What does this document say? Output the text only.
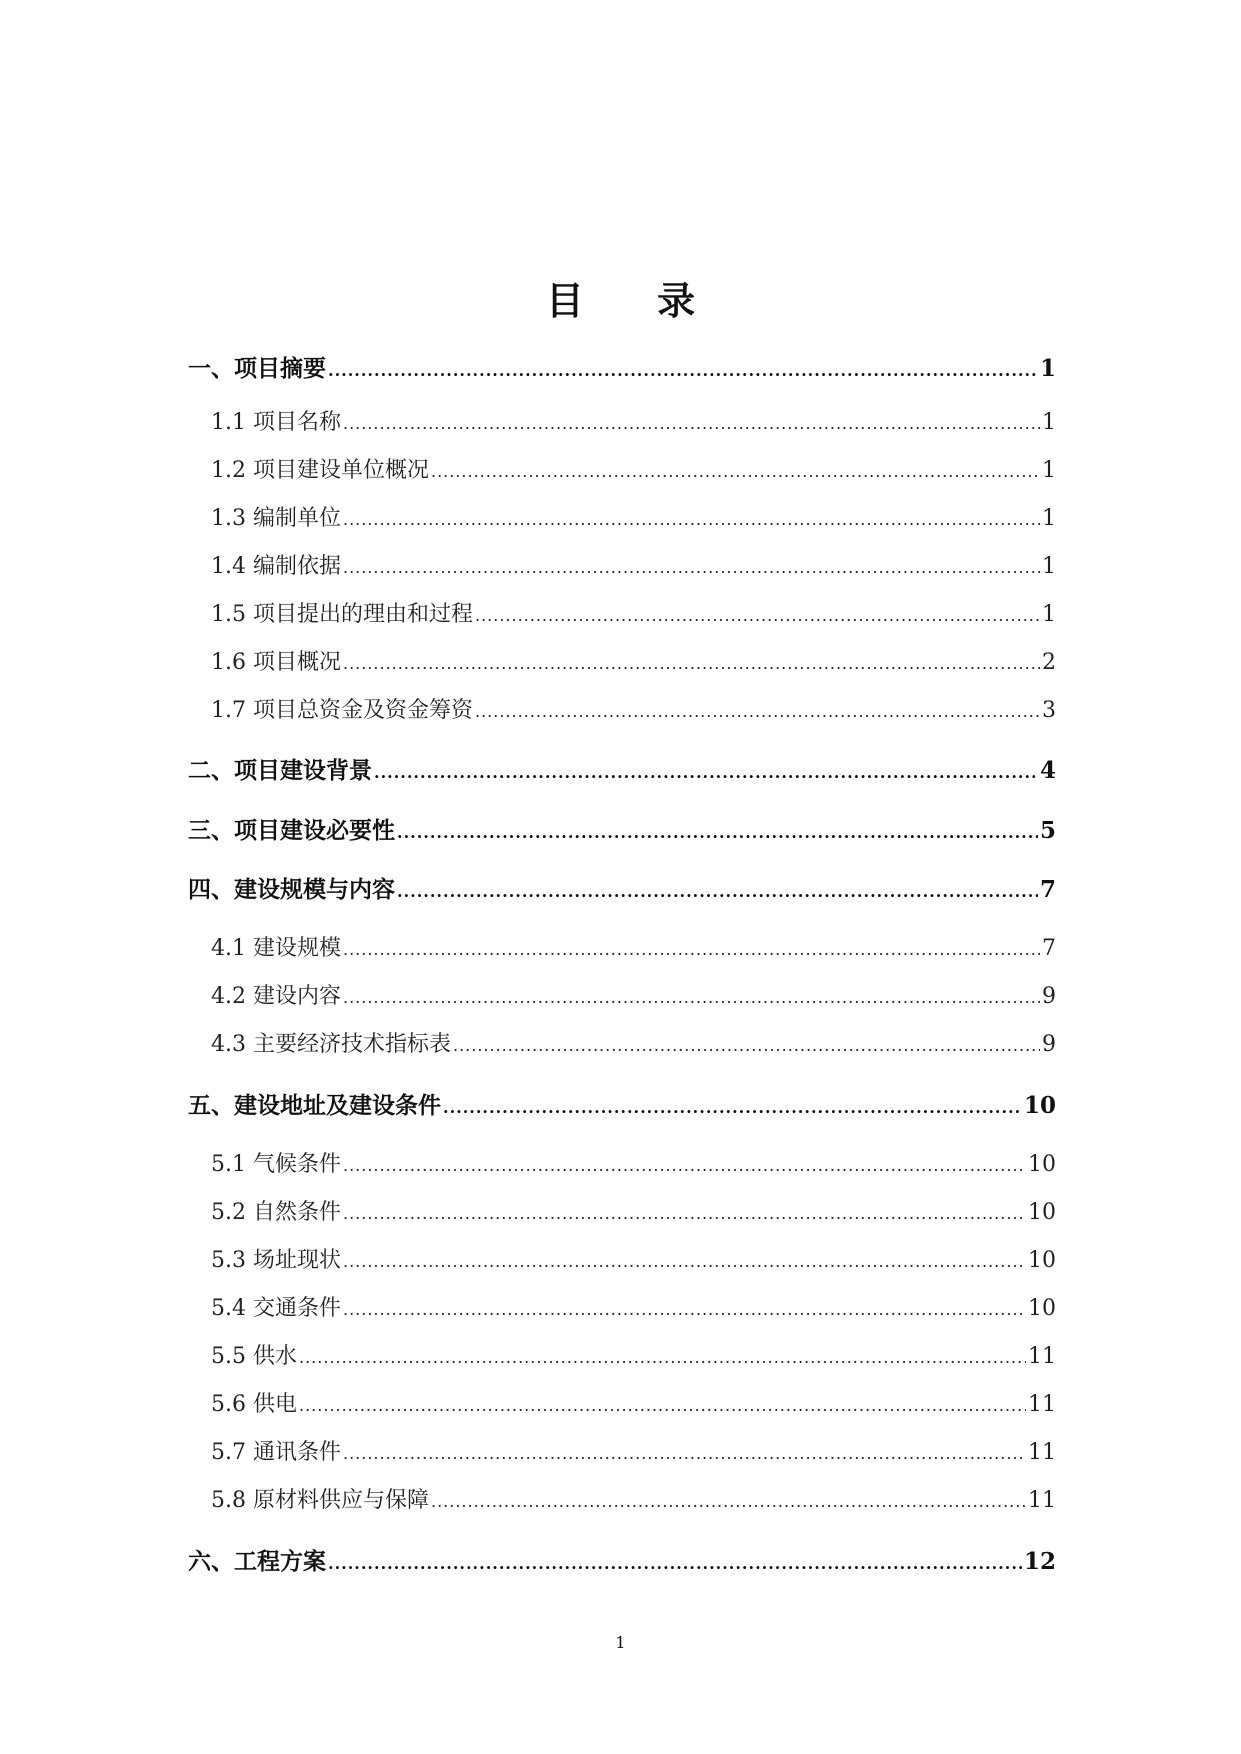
目 录
一、项目摘要 .....	1
1.1 项目名称 .....	1
1.2 项目建设单位概况 .....	1
1.3 编制单位 .....	1
1.4 编制依据 .....	1
1.5 项目提出的理由和过程 .....	1
1.6 项目概况 .....	2
1.7 项目总资金及资金筹资 .....	3
二、项目建设背景 .....	4
三、项目建设必要性 .....	5
四、建设规模与内容 .....	7
4.1 建设规模 .....	7
4.2 建设内容 .....	9
4.3 主要经济技术指标表 .....	9
五、建设地址及建设条件 .....	10
5.1 气候条件 .....	10
5.2 自然条件 .....	10
5.3 场址现状 .....	10
5.4 交通条件 .....	10
5.5 供水 .....	11
5.6 供电 .....	11
5.7 通讯条件 .....	11
5.8 原材料供应与保障 .....	11
六、工程方案 .....	12
1
